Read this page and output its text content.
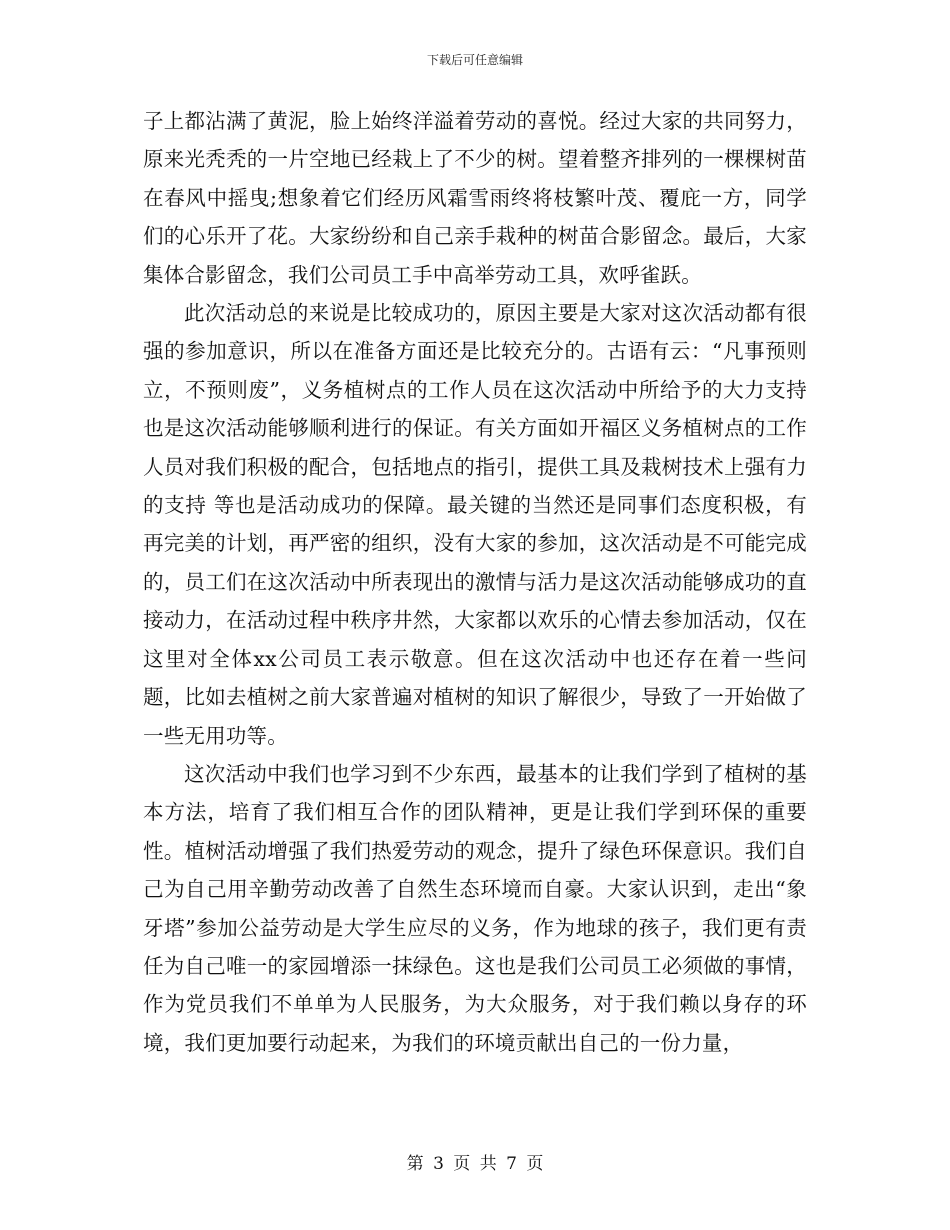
下载后可任意编辑

子上都沾满了黄泥，脸上始终洋溢着劳动的喜悦。经过大家的共同努力，原来光秃秃的一片空地已经栽上了不少的树。望着整齐排列的一棵棵树苗在春风中摇曳;想象着它们经历风霜雪雨终将枝繁叶茂、覆庇一方，同学们的心乐开了花。大家纷纷和自己亲手栽种的树苗合影留念。最后，大家集体合影留念，我们公司员工手中高举劳动工具，欢呼雀跃。

此次活动总的来说是比较成功的，原因主要是大家对这次活动都有很强的参加意识，所以在准备方面还是比较充分的。古语有云：“凡事预则立，不预则废”，义务植树点的工作人员在这次活动中所给予的大力支持也是这次活动能够顺利进行的保证。有关方面如开福区义务植树点的工作人员对我们积极的配合，包括地点的指引，提供工具及栽树技术上强有力的支持 等也是活动成功的保障。最关键的当然还是同事们态度积极，有再完美的计划，再严密的组织，没有大家的参加，这次活动是不可能完成的，员工们在这次活动中所表现出的激情与活力是这次活动能够成功的直接动力，在活动过程中秩序井然，大家都以欢乐的心情去参加活动，仅在这里对全体xx公司员工表示敬意。但在这次活动中也还存在着一些问题，比如去植树之前大家普遍对植树的知识了解很少，导致了一开始做了一些无用功等。

这次活动中我们也学习到不少东西，最基本的让我们学到了植树的基本方法，培育了我们相互合作的团队精神，更是让我们学到环保的重要性。植树活动增强了我们热爱劳动的观念，提升了绿色环保意识。我们自己为自己用辛勤劳动改善了自然生态环境而自豪。大家认识到，走出“象牙塔”参加公益劳动是大学生应尽的义务，作为地球的孩子，我们更有责任为自己唯一的家园增添一抹绿色。这也是我们公司员工必须做的事情，作为党员我们不单单为人民服务，为大众服务，对于我们赖以身存的环境，我们更加要行动起来，为我们的环境贡献出自己的一份力量，

第 3 页 共 7 页
